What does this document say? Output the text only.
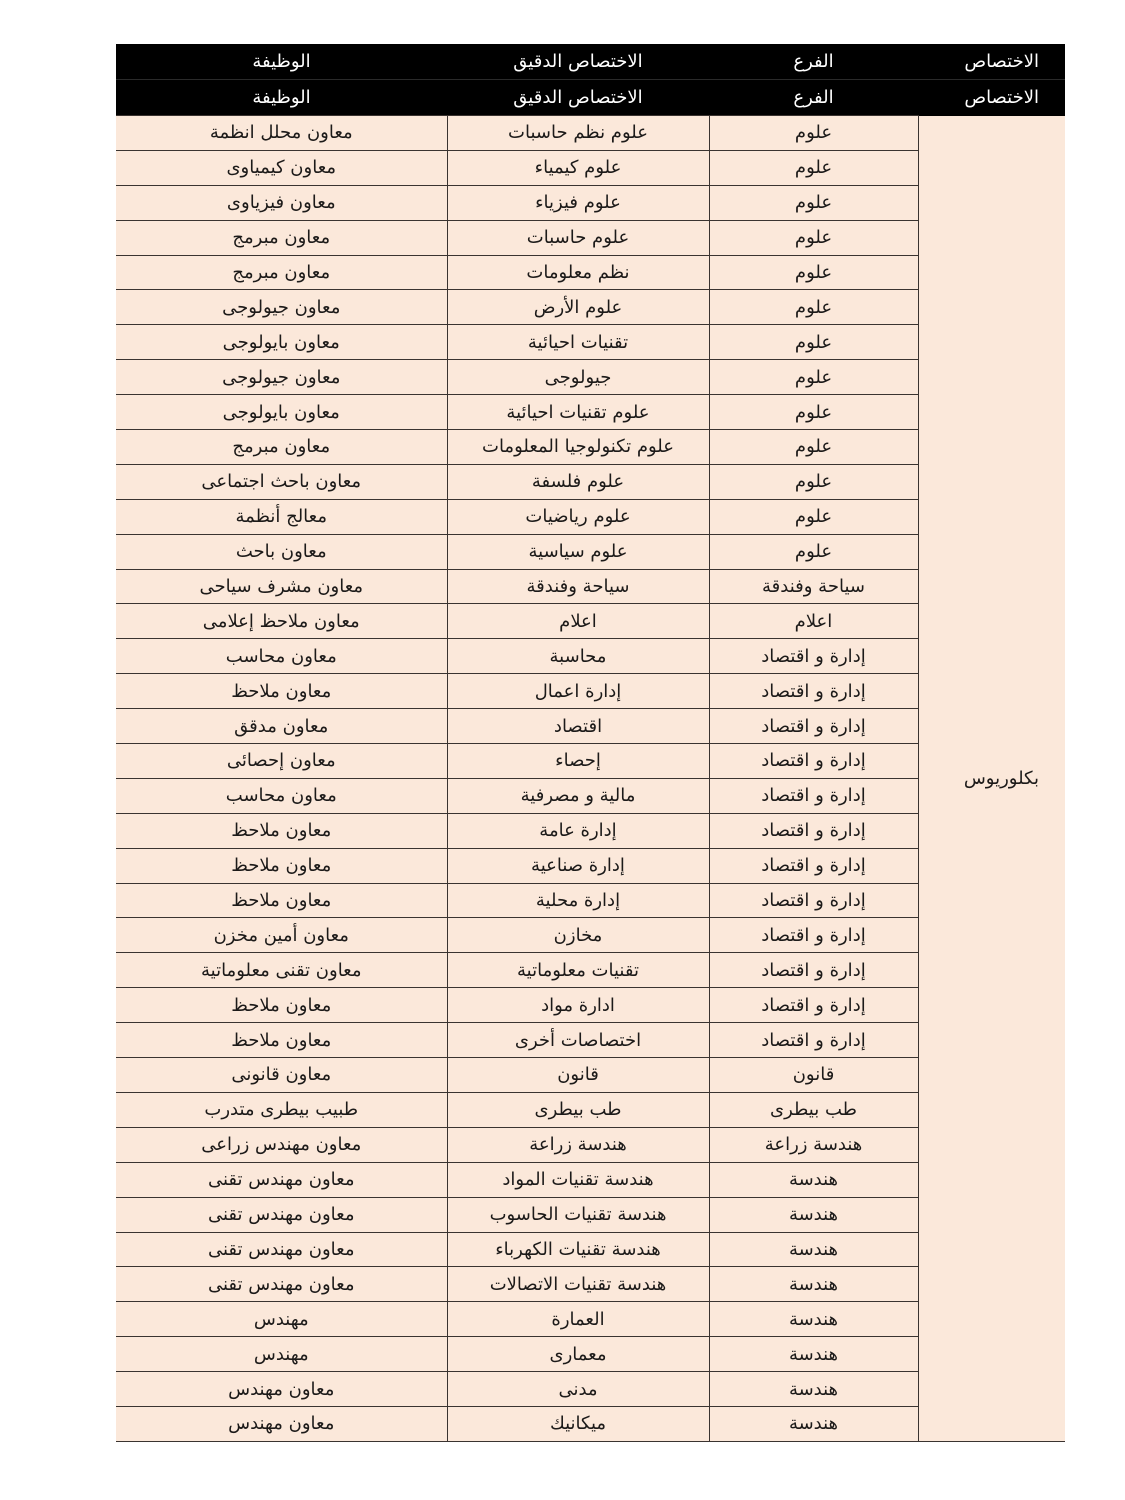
الاختصاص	الفرع	الاختصاص الدقيق	الوظيفة
الاختصاص	الفرع	الاختصاص الدقيق	الوظيفة
بكلوريوس	علوم	علوم نظم حاسبات	معاون محلل انظمة
	علوم	علوم كيمياء	معاون كيمياوى
	علوم	علوم فيزياء	معاون فيزياوى
	علوم	علوم حاسبات	معاون مبرمج
	علوم	نظم معلومات	معاون مبرمج
	علوم	علوم الأرض	معاون جيولوجى
	علوم	تقنيات احيائية	معاون بايولوجى
	علوم	جيولوجى	معاون جيولوجى
	علوم	علوم تقنيات احيائية	معاون بايولوجى
	علوم	علوم تكنولوجيا المعلومات	معاون مبرمج
	علوم	علوم فلسفة	معاون باحث اجتماعى
	علوم	علوم رياضيات	معالج أنظمة
	علوم	علوم سياسية	معاون باحث
	سياحة وفندقة	سياحة وفندقة	معاون مشرف سياحى
	اعلام	اعلام	معاون ملاحظ إعلامى
	إدارة و اقتصاد	محاسبة	معاون محاسب
	إدارة و اقتصاد	إدارة اعمال	معاون ملاحظ
	إدارة و اقتصاد	اقتصاد	معاون مدقق
	إدارة و اقتصاد	إحصاء	معاون إحصائى
	إدارة و اقتصاد	مالية و مصرفية	معاون محاسب
	إدارة و اقتصاد	إدارة عامة	معاون ملاحظ
	إدارة و اقتصاد	إدارة صناعية	معاون ملاحظ
	إدارة و اقتصاد	إدارة محلية	معاون ملاحظ
	إدارة و اقتصاد	مخازن	معاون أمين مخزن
	إدارة و اقتصاد	تقنيات معلوماتية	معاون تقنى معلوماتية
	إدارة و اقتصاد	ادارة مواد	معاون ملاحظ
	إدارة و اقتصاد	اختصاصات أخرى	معاون ملاحظ
	قانون	قانون	معاون قانونى
	طب بيطرى	طب بيطرى	طبيب بيطرى متدرب
	هندسة زراعة	هندسة زراعة	معاون مهندس زراعى
	هندسة	هندسة تقنيات المواد	معاون مهندس تقنى
	هندسة	هندسة تقنيات الحاسوب	معاون مهندس تقنى
	هندسة	هندسة تقنيات الكهرباء	معاون مهندس تقنى
	هندسة	هندسة تقنيات الاتصالات	معاون مهندس تقنى
	هندسة	العمارة	مهندس
	هندسة	معمارى	مهندس
	هندسة	مدنى	معاون مهندس
	هندسة	ميكانيك	معاون مهندس
